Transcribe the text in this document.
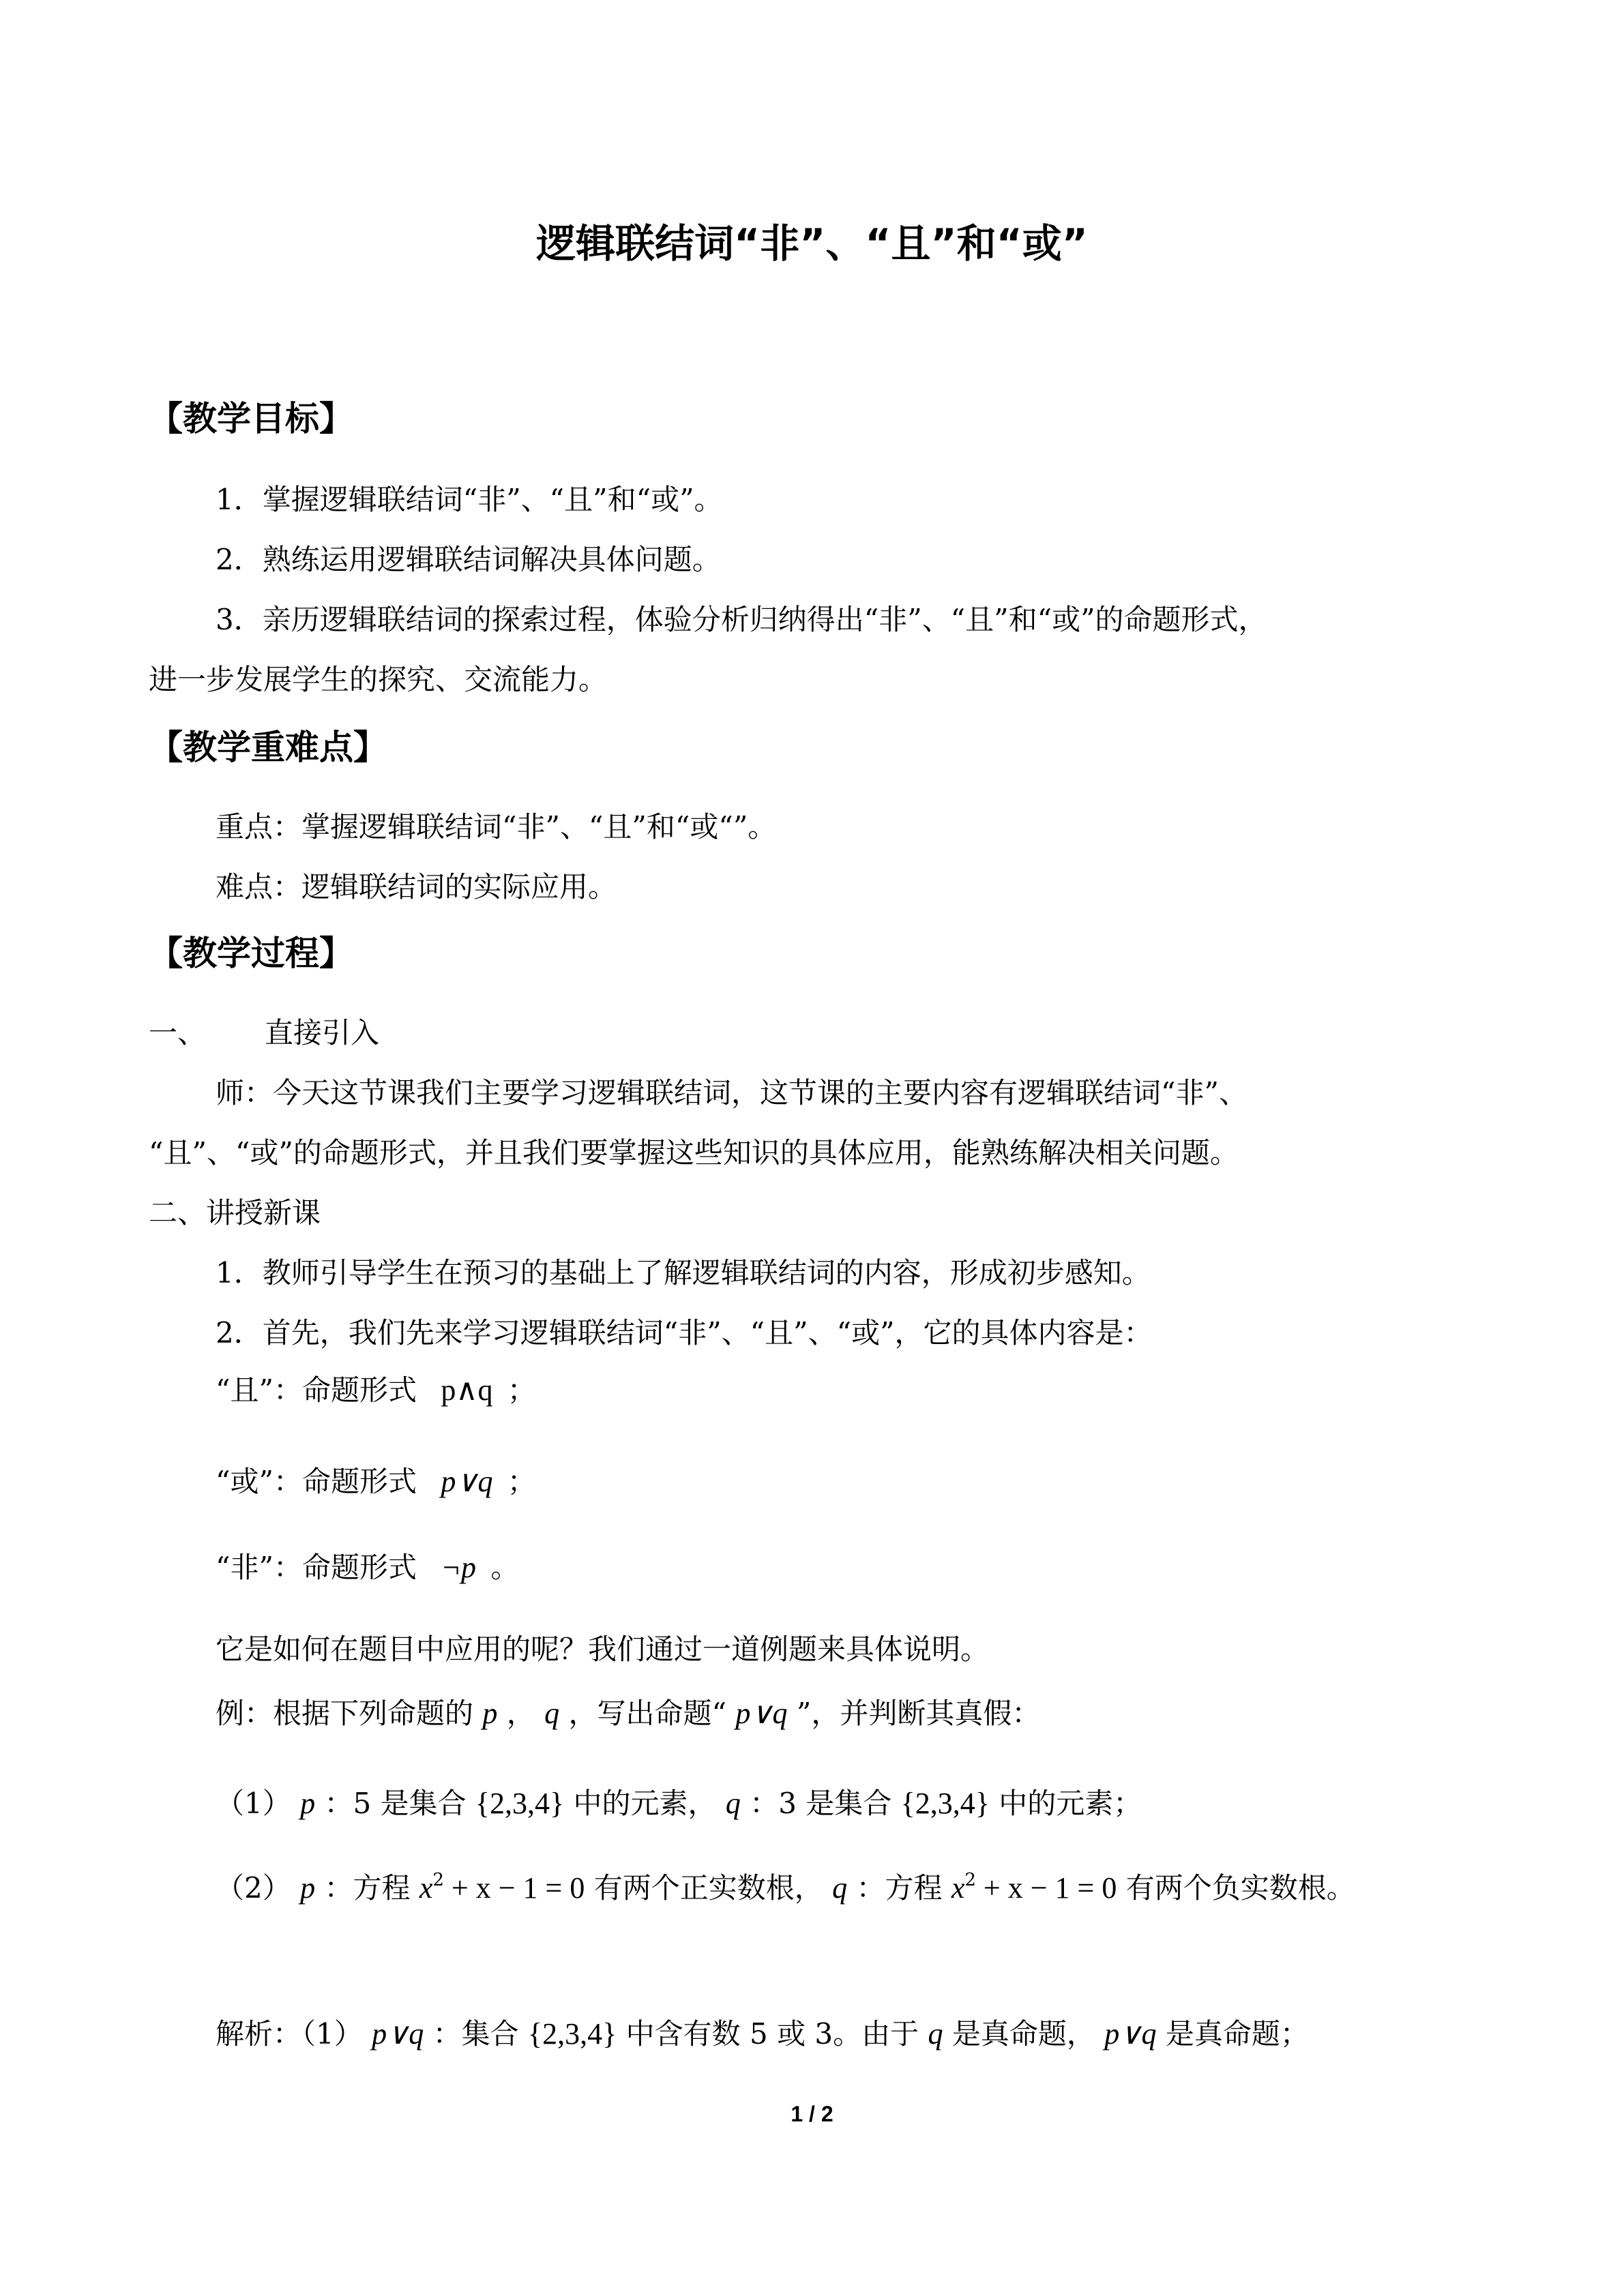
逻辑联结词“非”、“且”和“或”
【教学目标】
1．掌握逻辑联结词“非”、“且”和“或”。
2．熟练运用逻辑联结词解决具体问题。
3．亲历逻辑联结词的探索过程，体验分析归纳得出“非”、“且”和“或”的命题形式，
进一步发展学生的探究、交流能力。
【教学重难点】
重点：掌握逻辑联结词“非”、“且”和“或“”。
难点：逻辑联结词的实际应用。
【教学过程】
一、 直接引入
师：今天这节课我们主要学习逻辑联结词，这节课的主要内容有逻辑联结词“非”、
“且”、“或”的命题形式，并且我们要掌握这些知识的具体应用，能熟练解决相关问题。
二、讲授新课
1．教师引导学生在预习的基础上了解逻辑联结词的内容，形成初步感知。
2．首先，我们先来学习逻辑联结词“非”、“且”、“或”，它的具体内容是：
“且”：命题形式 p∧q ；
“或”：命题形式 p∨q ；
“非”：命题形式 ¬p 。
它是如何在题目中应用的呢？我们通过一道例题来具体说明。
例：根据下列命题的 p ， q ，写出命题“ p∨q ”，并判断其真假：
（1） p ：5 是集合 {2,3,4} 中的元素， q ：3 是集合 {2,3,4} 中的元素；
（2） p ：方程 $x^2 + x - 1 = 0$ 有两个正实数根， q ：方程 $x^2 + x - 1 = 0$ 有两个负实数根。
解析：（1） p∨q ：集合 {2,3,4} 中含有数 5 或 3。由于 q 是真命题， p∨q 是真命题；
1 / 2
